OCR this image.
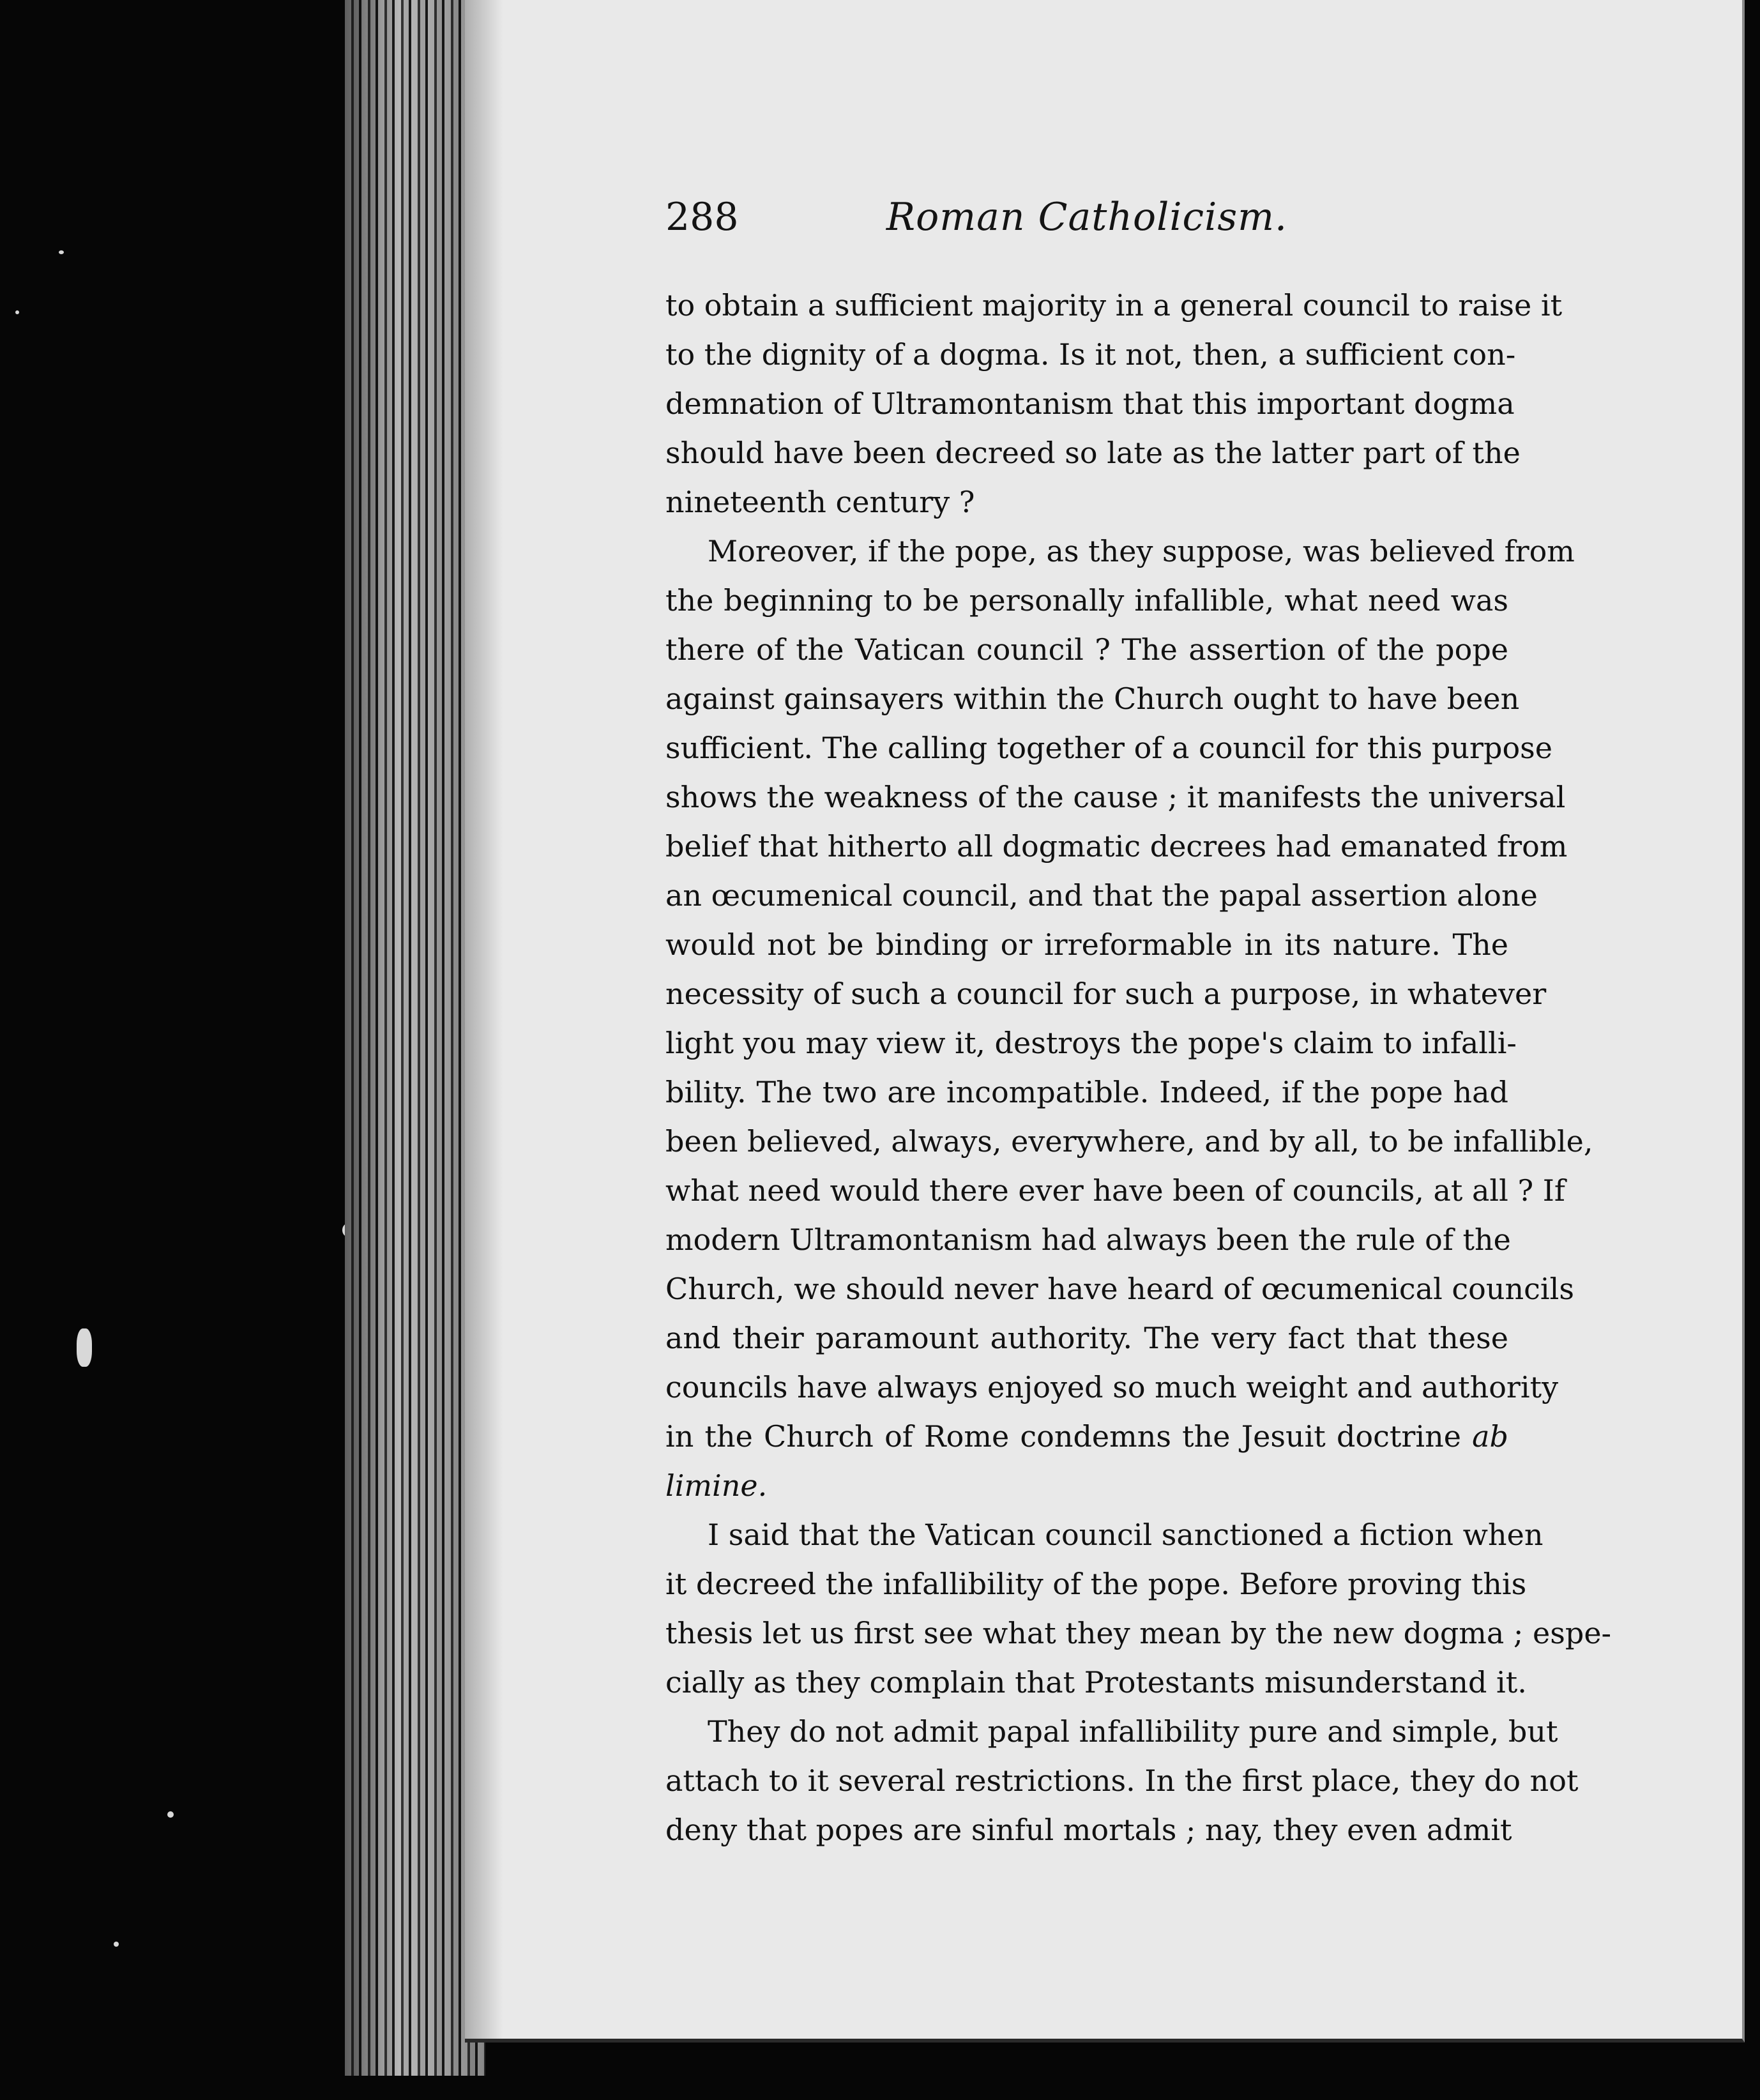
288	Roman Catholicism.
to obtain a sufficient majority in a general council to raise it
to the dignity of a dogma. Is it not, then, a sufficient con-
demnation of Ultramontanism that this important dogma
should have been decreed so late as the latter part of the
nineteenth century ?
Moreover, if the pope, as they suppose, was believed from
the beginning to be personally infallible, what need was
there of the Vatican council ? The assertion of the pope
against gainsayers within the Church ought to have been
sufficient. The calling together of a council for this purpose
shows the weakness of the cause ; it manifests the universal
belief that hitherto all dogmatic decrees had emanated from
an œcumenical council, and that the papal assertion alone
would not be binding or irreformable in its nature. The
necessity of such a council for such a purpose, in whatever
light you may view it, destroys the pope's claim to infalli-
bility. The two are incompatible. Indeed, if the pope had
been believed, always, everywhere, and by all, to be infallible,
what need would there ever have been of councils, at all ? If
modern Ultramontanism had always been the rule of the
Church, we should never have heard of œcumenical councils
and their paramount authority. The very fact that these
councils have always enjoyed so much weight and authority
in the Church of Rome condemns the Jesuit doctrine ab
limine.
I said that the Vatican council sanctioned a fiction when
it decreed the infallibility of the pope. Before proving this
thesis let us first see what they mean by the new dogma ; espe-
cially as they complain that Protestants misunderstand it.
They do not admit papal infallibility pure and simple, but
attach to it several restrictions. In the first place, they do not
deny that popes are sinful mortals ; nay, they even admit
